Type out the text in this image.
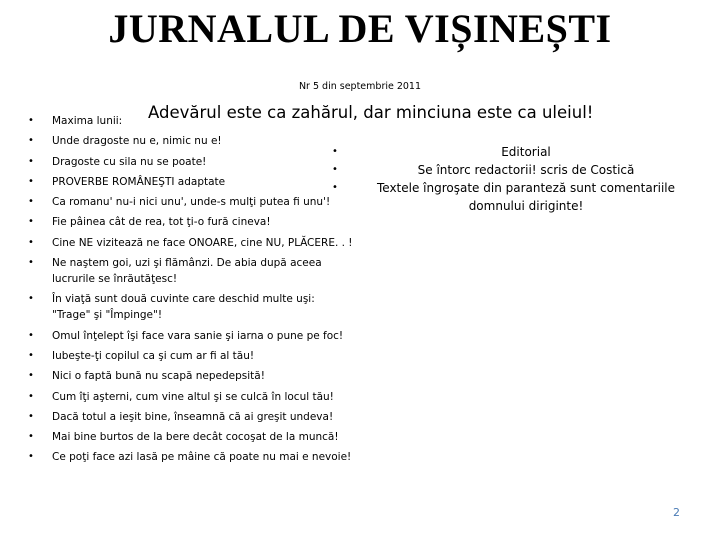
JURNALUL DE VIȘINEȘTI
Nr 5 din septembrie 2011
Adevărul este ca zahărul, dar minciuna este ca uleiul!
• Maxima lunii:
• Unde dragoste nu e, nimic nu e!
• Dragoste cu sila nu se poate!
• PROVERBE ROMÂNEŞTI adaptate
• Ca romanu' nu-i nici unu', unde-s mulţi putea fi unu'!
• Fie pâinea cât de rea, tot ţi-o fură cineva!
• Cine NE vizitează ne face ONOARE, cine NU, PLĂCERE. . !
• Ne naştem goi, uzi şi flămânzi. De abia după aceea lucrurile se înrăutăţesc!
• În viaţă sunt două cuvinte care deschid multe uşi: "Trage" şi "Împinge"!
• Omul înţelept îşi face vara sanie şi iarna o pune pe foc!
• Iubeşte-ţi copilul ca şi cum ar fi al tău!
• Nici o faptă bună nu scapă nepedepsită!
• Cum îţi aşterni, cum vine altul şi se culcă în locul tău!
• Dacă totul a ieşit bine, înseamnă că ai greşit undeva!
• Mai bine burtos de la bere decât cocoşat de la muncă!
• Ce poţi face azi lasă pe mâine că poate nu mai e nevoie!
•	Editorial
•	Se întorc redactorii! scris de Costică
•	Textele îngroşate din paranteză sunt comentariile domnului diriginte!
2
